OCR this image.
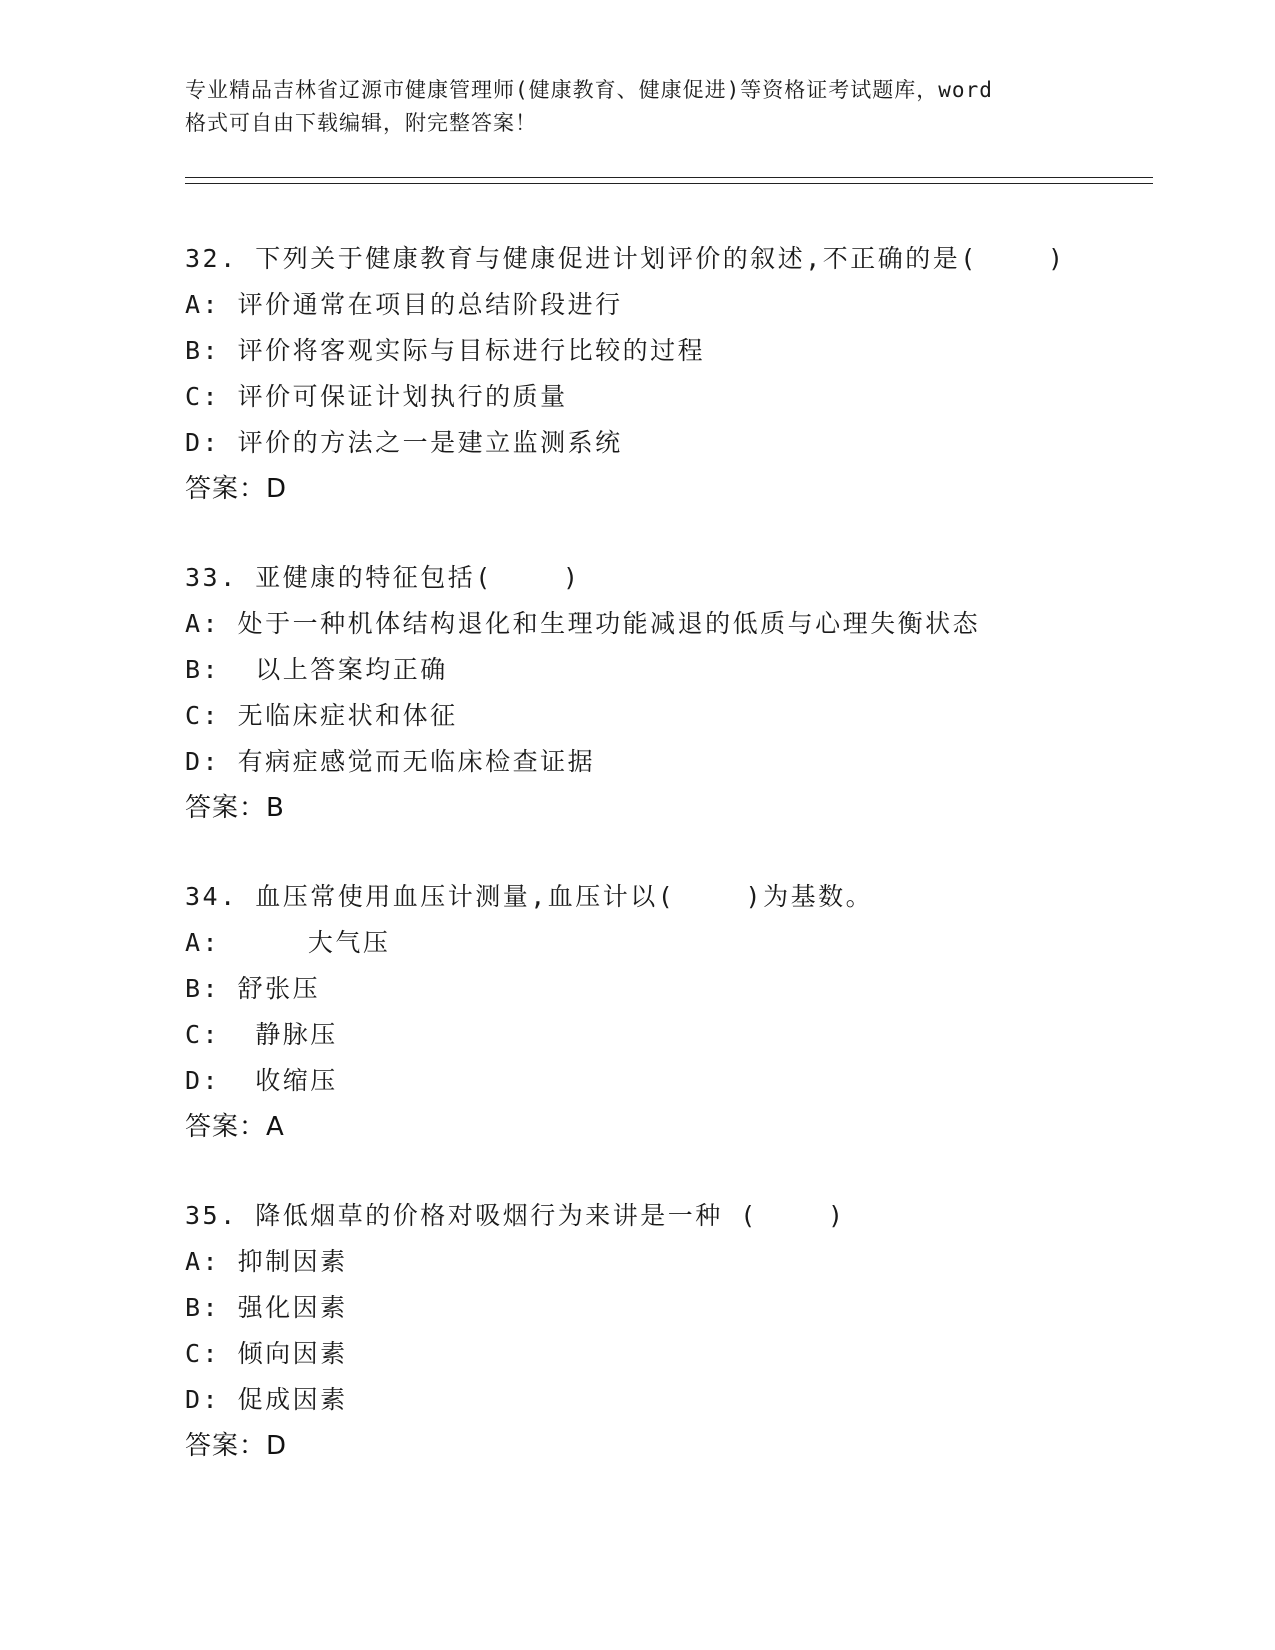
专业精品吉林省辽源市健康管理师(健康教育、健康促进)等资格证考试题库，word
格式可自由下载编辑，附完整答案！
32. 下列关于健康教育与健康促进计划评价的叙述,不正确的是(    )
A: 评价通常在项目的总结阶段进行
B: 评价将客观实际与目标进行比较的过程
C: 评价可保证计划执行的质量
D: 评价的方法之一是建立监测系统
答案：D
33. 亚健康的特征包括(    )
A: 处于一种机体结构退化和生理功能减退的低质与心理失衡状态
B:  以上答案均正确
C: 无临床症状和体征
D: 有病症感觉而无临床检查证据
答案：B
34. 血压常使用血压计测量,血压计以(    )为基数。
A:     大气压
B: 舒张压
C:  静脉压
D:  收缩压
答案：A
35. 降低烟草的价格对吸烟行为来讲是一种 (    )
A: 抑制因素
B: 强化因素
C: 倾向因素
D: 促成因素
答案：D
